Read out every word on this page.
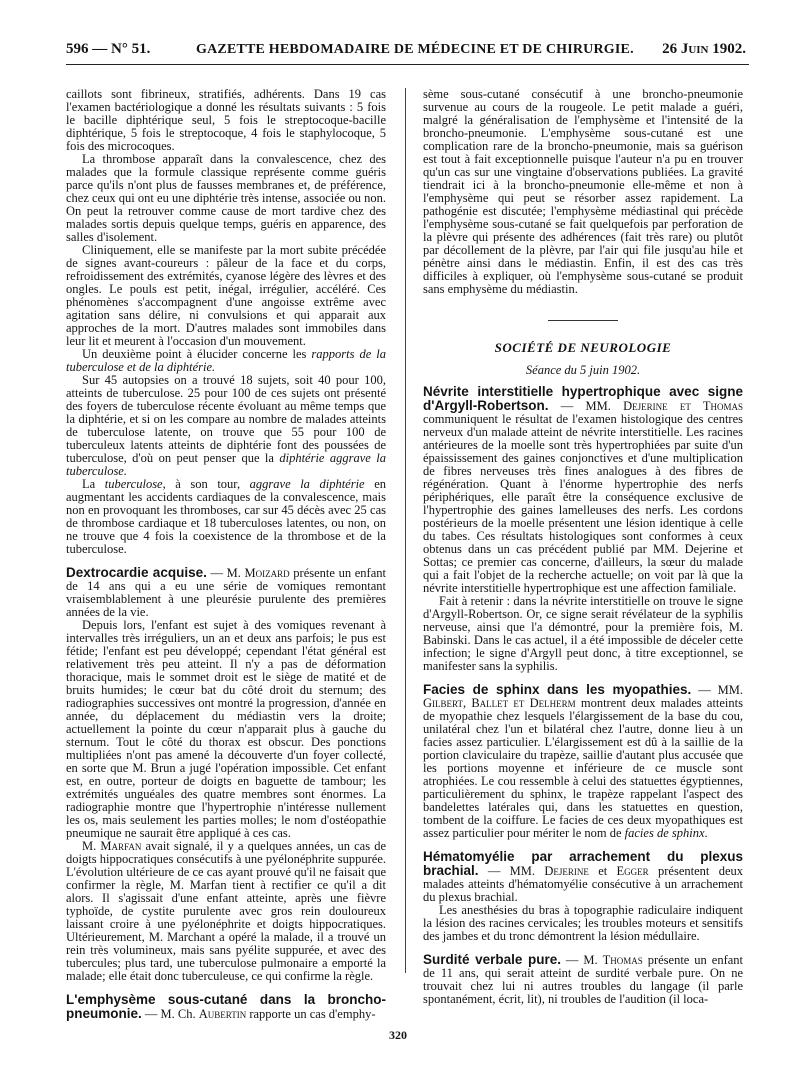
596 — N° 51.	GAZETTE HEBDOMADAIRE DE MÉDECINE ET DE CHIRURGIE. 26 Juin 1902.

caillots sont fibrineux, stratifiés, adhérents. Dans 19 cas l'examen bactériologique a donné les résultats suivants : 5 fois le bacille diphtérique seul, 5 fois le streptocoque-bacille diphtérique, 5 fois le streptocoque, 4 fois le staphylocoque, 5 fois des microcoques.

La thrombose apparaît dans la convalescence, chez des malades que la formule classique représente comme guéris parce qu'ils n'ont plus de fausses membranes et, de préférence, chez ceux qui ont eu une diphtérie très intense, associée ou non. On peut la retrouver comme cause de mort tardive chez des malades sortis depuis quelque temps, guéris en apparence, des salles d'isolement.

Cliniquement, elle se manifeste par la mort subite précédée de signes avant-coureurs : pâleur de la face et du corps, refroidissement des extrémités, cyanose légère des lèvres et des ongles. Le pouls est petit, inégal, irrégulier, accéléré. Ces phénomènes s'accompagnent d'une angoisse extrême avec agitation sans délire, ni convulsions et qui apparait aux approches de la mort. D'autres malades sont immobiles dans leur lit et meurent à l'occasion d'un mouvement.

Un deuxième point à élucider concerne les rapports de la tuberculose et de la diphtérie.

Sur 45 autopsies on a trouvé 18 sujets, soit 40 pour 100, atteints de tuberculose. 25 pour 100 de ces sujets ont présenté des foyers de tuberculose récente évoluant au même temps que la diphtérie, et si on les compare au nombre de malades atteints de tuberculose latente, on trouve que 55 pour 100 de tuberculeux latents atteints de diphtérie font des poussées de tuberculose, d'où on peut penser que la diphtérie aggrave la tuberculose.

La tuberculose, à son tour, aggrave la diphtérie en augmentant les accidents cardiaques de la convalescence, mais non en provoquant les thromboses, car sur 45 décès avec 25 cas de thrombose cardiaque et 18 tuberculoses latentes, ou non, on ne trouve que 4 fois la coexistence de la thrombose et de la tuberculose.

Dextrocardie acquise. — M. Moizard présente un enfant de 14 ans qui a eu une série de vomiques remontant vraisemblablement à une pleurésie purulente des premières années de la vie.

Depuis lors, l'enfant est sujet à des vomiques revenant à intervalles très irréguliers, un an et deux ans parfois; le pus est fétide; l'enfant est peu développé; cependant l'état général est relativement très peu atteint. Il n'y a pas de déformation thoracique, mais le sommet droit est le siège de matité et de bruits humides; le cœur bat du côté droit du sternum; des radiographies successives ont montré la progression, d'année en année, du déplacement du médiastin vers la droite; actuellement la pointe du cœur n'apparait plus à gauche du sternum. Tout le côté du thorax est obscur. Des ponctions multipliées n'ont pas amené la découverte d'un foyer collecté, en sorte que M. Brun a jugé l'opération impossible. Cet enfant est, en outre, porteur de doigts en baguette de tambour; les extrémités unguéales des quatre membres sont énormes. La radiographie montre que l'hypertrophie n'intéresse nullement les os, mais seulement les parties molles; le nom d'ostéopathie pneumique ne saurait être appliqué à ces cas.

M. Marfan avait signalé, il y a quelques années, un cas de doigts hippocratiques consécutifs à une pyélonéphrite suppurée. L'évolution ultérieure de ce cas ayant prouvé qu'il ne faisait que confirmer la règle, M. Marfan tient à rectifier ce qu'il a dit alors. Il s'agissait d'une enfant atteinte, après une fièvre typhoïde, de cystite purulente avec gros rein douloureux laissant croire à une pyélonéphrite et doigts hippocratiques. Ultérieurement, M. Marchant a opéré la malade, il a trouvé un rein très volumineux, mais sans pyélite suppurée, et avec des tubercules; plus tard, une tuberculose pulmonaire a emporté la malade; elle était donc tuberculeuse, ce qui confirme la règle.

L'emphysème sous-cutané dans la broncho-pneumonie. — M. Ch. Aubertin rapporte un cas d'emphy-

sème sous-cutané consécutif à une broncho-pneumonie survenue au cours de la rougeole. Le petit malade a guéri, malgré la généralisation de l'emphysème et l'intensité de la broncho-pneumonie. L'emphysème sous-cutané est une complication rare de la broncho-pneumonie, mais sa guérison est tout à fait exceptionnelle puisque l'auteur n'a pu en trouver qu'un cas sur une vingtaine d'observations publiées. La gravité tiendrait ici à la broncho-pneumonie elle-même et non à l'emphysème qui peut se résorber assez rapidement. La pathogénie est discutée; l'emphysème médiastinal qui précède l'emphysème sous-cutané se fait quelquefois par perforation de la plèvre qui présente des adhérences (fait très rare) ou plutôt par décollement de la plèvre, par l'air qui file jusqu'au hile et pénètre ainsi dans le médiastin. Enfin, il est des cas très difficiles à expliquer, où l'emphysème sous-cutané se produit sans emphysème du médiastin.

SOCIÉTÉ DE NEUROLOGIE
Séance du 5 juin 1902.

Névrite interstitielle hypertrophique avec signe d'Argyll-Robertson. — MM. Dejerine et Thomas communiquent le résultat de l'examen histologique des centres nerveux d'un malade atteint de névrite interstitielle. Les racines antérieures de la moelle sont très hypertrophiées par suite d'un épaississement des gaines conjonctives et d'une multiplication de fibres nerveuses très fines analogues à des fibres de régénération. Quant à l'énorme hypertrophie des nerfs périphériques, elle paraît être la conséquence exclusive de l'hypertrophie des gaines lamelleuses des nerfs. Les cordons postérieurs de la moelle présentent une lésion identique à celle du tabes. Ces résultats histologiques sont conformes à ceux obtenus dans un cas précédent publié par MM. Dejerine et Sottas; ce premier cas concerne, d'ailleurs, la sœur du malade qui a fait l'objet de la recherche actuelle; on voit par là que la névrite interstitielle hypertrophique est une affection familiale.

Fait à retenir : dans la névrite interstitielle on trouve le signe d'Argyll-Robertson. Or, ce signe serait révélateur de la syphilis nerveuse, ainsi que l'a démontré, pour la première fois, M. Babinski. Dans le cas actuel, il a été impossible de déceler cette infection; le signe d'Argyll peut donc, à titre exceptionnel, se manifester sans la syphilis.

Facies de sphinx dans les myopathies. — MM. Gilbert, Ballet et Delherm montrent deux malades atteints de myopathie chez lesquels l'élargissement de la base du cou, unilatéral chez l'un et bilatéral chez l'autre, donne lieu à un facies assez particulier. L'élargissement est dû à la saillie de la portion claviculaire du trapèze, saillie d'autant plus accusée que les portions moyenne et inférieure de ce muscle sont atrophiées. Le cou ressemble à celui des statuettes égyptiennes, particulièrement du sphinx, le trapèze rappelant l'aspect des bandelettes latérales qui, dans les statuettes en question, tombent de la coiffure. Le facies de ces deux myopathiques est assez particulier pour mériter le nom de facies de sphinx.

Hématomyélie par arrachement du plexus brachial. — MM. Dejerine et Egger présentent deux malades atteints d'hématomyélie consécutive à un arrachement du plexus brachial.

Les anesthésies du bras à topographie radiculaire indiquent la lésion des racines cervicales; les troubles moteurs et sensitifs des jambes et du tronc démontrent la lésion médullaire.

Surdité verbale pure. — M. Thomas présente un enfant de 11 ans, qui serait atteint de surdité verbale pure. On ne trouvait chez lui ni autres troubles du langage (il parle spontanément, écrit, lit), ni troubles de l'audition (il loca-

320
